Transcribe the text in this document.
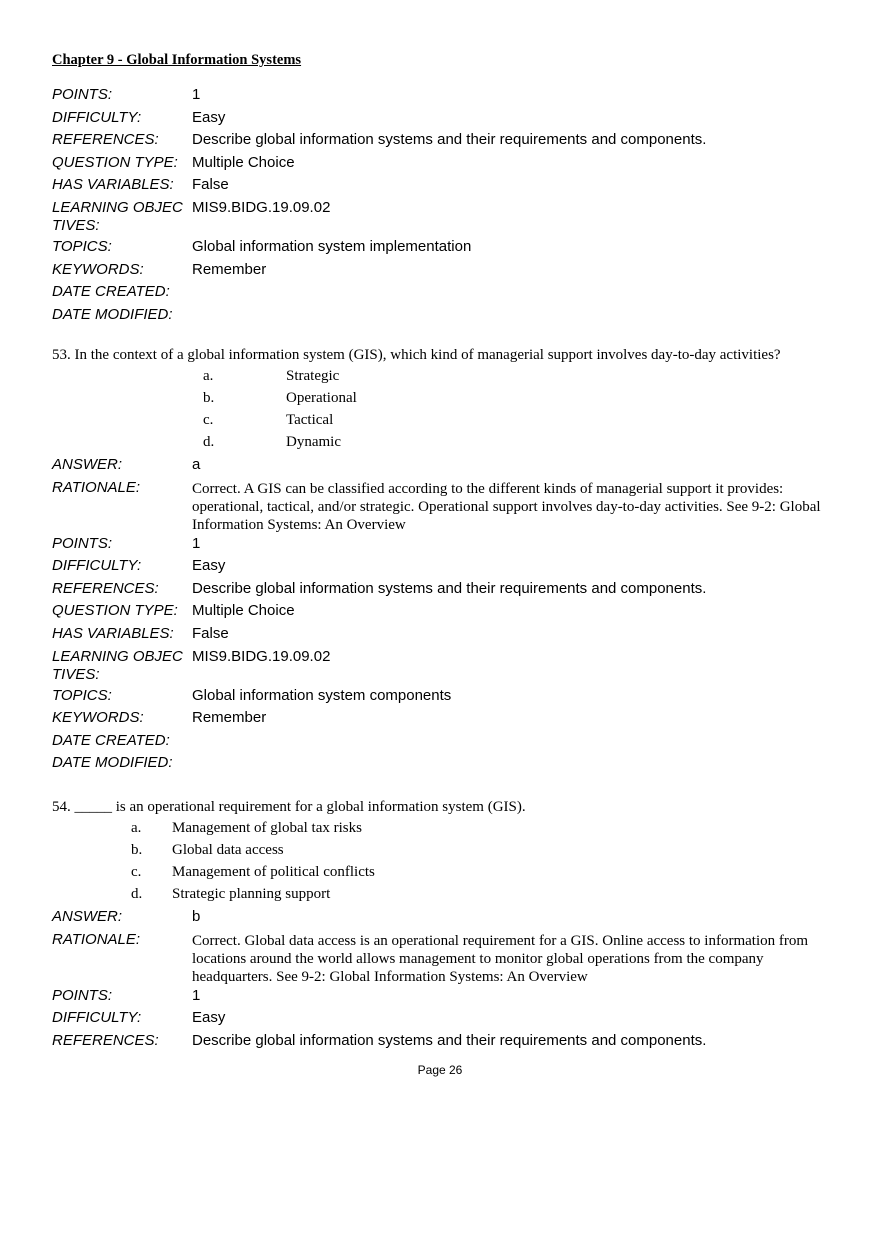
Chapter 9 - Global Information Systems
POINTS:	1
DIFFICULTY:	Easy
REFERENCES:	Describe global information systems and their requirements and components.
QUESTION TYPE: Multiple Choice
HAS VARIABLES:	False
LEARNING OBJECTIVES:
MIS9.BIDG.19.09.02
TOPICS:	Global information system implementation
KEYWORDS:	Remember
DATE CREATED:
DATE MODIFIED:
53. In the context of a global information system (GIS), which kind of managerial support involves day-to-day activities?
a.	Strategic
b.	Operational
c.	Tactical
d.	Dynamic
ANSWER:	a
RATIONALE:	Correct. A GIS can be classified according to the different kinds of managerial support it provides: operational, tactical, and/or strategic. Operational support involves day-to-day activities. See 9-2: Global Information Systems: An Overview
POINTS:	1
DIFFICULTY:	Easy
REFERENCES:	Describe global information systems and their requirements and components.
QUESTION TYPE: Multiple Choice
HAS VARIABLES:	False
LEARNING OBJECTIVES:
MIS9.BIDG.19.09.02
TOPICS:	Global information system components
KEYWORDS:	Remember
DATE CREATED:
DATE MODIFIED:
54. _____ is an operational requirement for a global information system (GIS).
a. Management of global tax risks
b. Global data access
c. Management of political conflicts
d. Strategic planning support
ANSWER:	b
RATIONALE:	Correct. Global data access is an operational requirement for a GIS. Online access to information from locations around the world allows management to monitor global operations from the company headquarters. See 9-2: Global Information Systems: An Overview
POINTS:	1
DIFFICULTY:	Easy
REFERENCES:	Describe global information systems and their requirements and components.
Page 26
